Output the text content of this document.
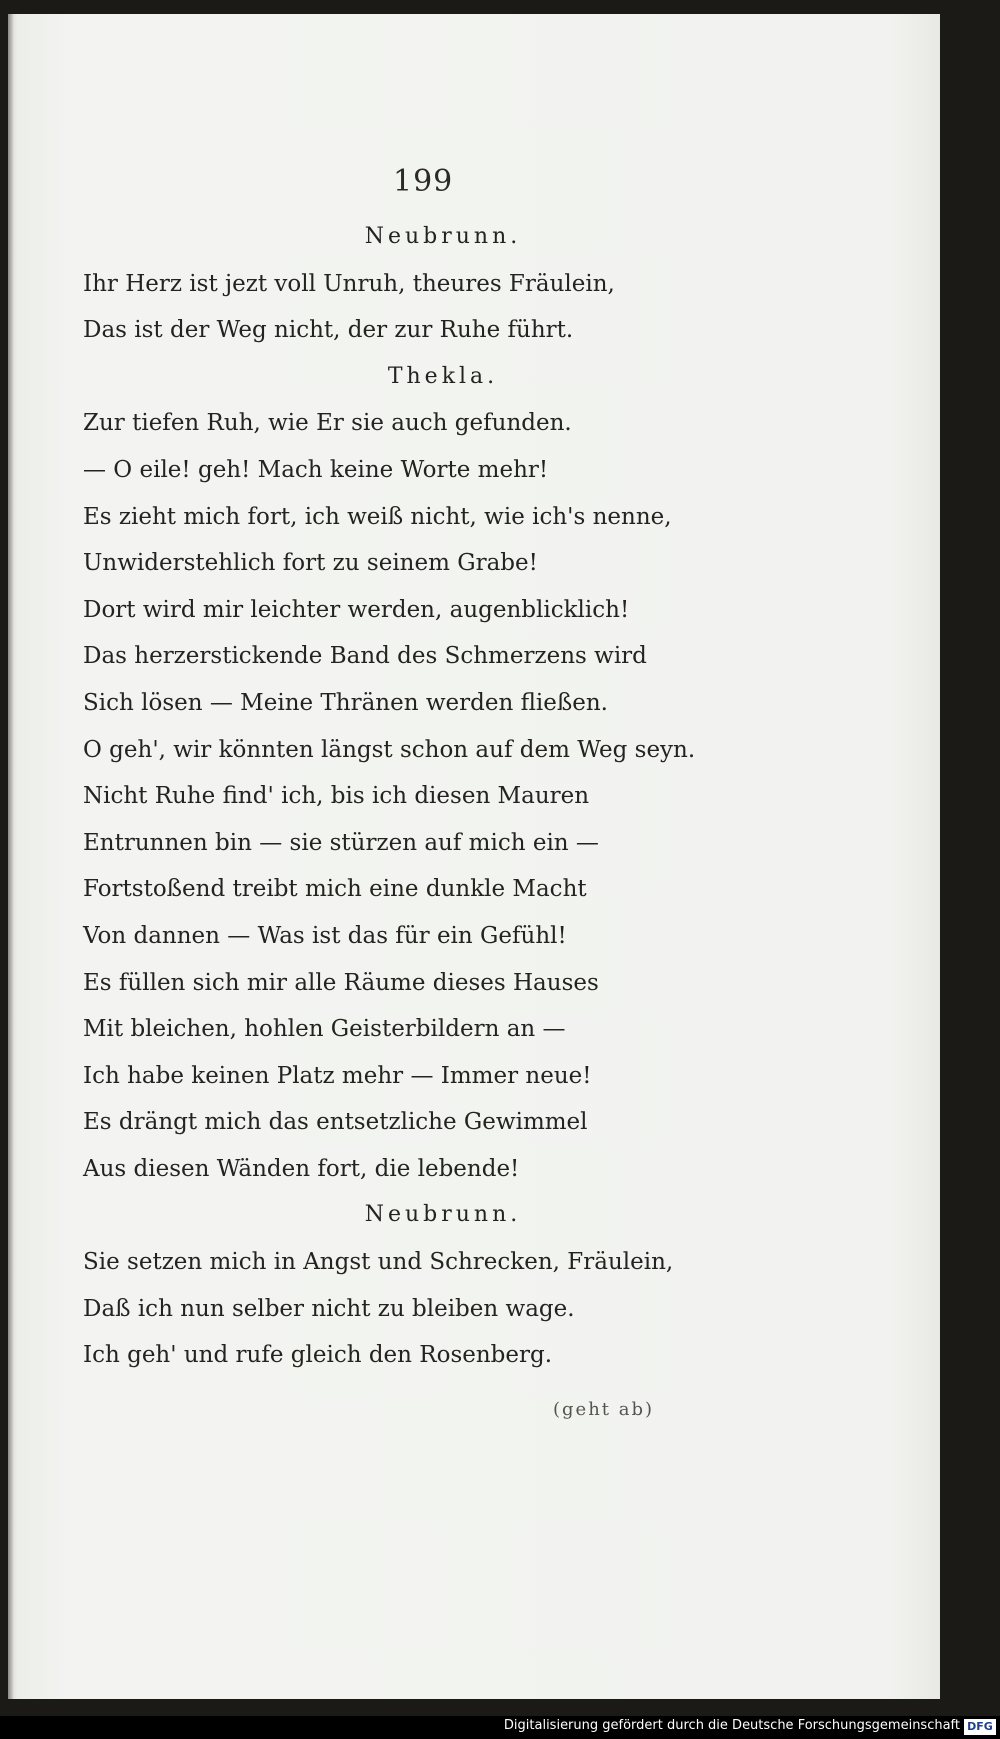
199
Neubrunn.
Ihr Herz ist jezt voll Unruh, theures Fräulein,
Das ist der Weg nicht, der zur Ruhe führt.
Thekla.
Zur tiefen Ruh, wie Er sie auch gefunden.
— O eile! geh! Mach keine Worte mehr!
Es zieht mich fort, ich weiß nicht, wie ich's nenne,
Unwiderstehlich fort zu seinem Grabe!
Dort wird mir leichter werden, augenblicklich!
Das herzerstickende Band des Schmerzens wird
Sich lösen — Meine Thränen werden fließen.
O geh', wir könnten längst schon auf dem Weg seyn.
Nicht Ruhe find' ich, bis ich diesen Mauren
Entrunnen bin — sie stürzen auf mich ein —
Fortstoßend treibt mich eine dunkle Macht
Von dannen — Was ist das für ein Gefühl!
Es füllen sich mir alle Räume dieses Hauses
Mit bleichen, hohlen Geisterbildern an —
Ich habe keinen Platz mehr — Immer neue!
Es drängt mich das entsetzliche Gewimmel
Aus diesen Wänden fort, die lebende!
Neubrunn.
Sie setzen mich in Angst und Schrecken, Fräulein,
Daß ich nun selber nicht zu bleiben wage.
Ich geh' und rufe gleich den Rosenberg.
(geht ab)
Digitalisierung gefördert durch die Deutsche Forschungsgemeinschaft DFG
